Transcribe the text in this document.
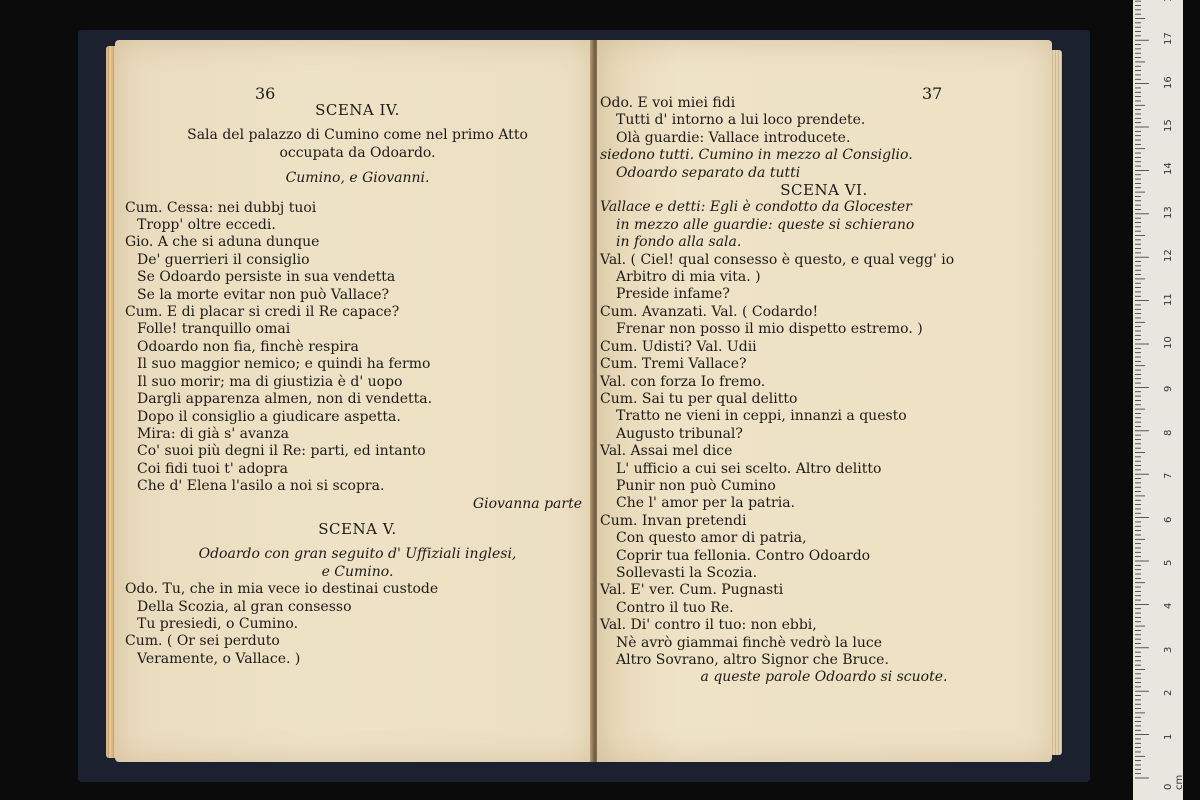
36
SCENA IV.
Sala del palazzo di Cumino come nel primo Atto
occupata da Odoardo.
Cumino, e Giovanni.
Cum. Cessa: nei dubbj tuoi
Tropp' oltre eccedi.
Gio. A che si aduna dunque
De' guerrieri il consiglio
Se Odoardo persiste in sua vendetta
Se la morte evitar non può Vallace?
Cum. E di placar si credi il Re capace?
Folle! tranquillo omai
Odoardo non fia, finchè respira
Il suo maggior nemico; e quindi ha fermo
Il suo morir; ma di giustizia è d' uopo
Dargli apparenza almen, non di vendetta.
Dopo il consiglio a giudicare aspetta.
Mira: di già s' avanza
Co' suoi più degni il Re: parti, ed intanto
Coi fidi tuoi t' adopra
Che d' Elena l'asilo a noi si scopra.
Giovanna parte
SCENA V.
Odoardo con gran seguito d' Uffiziali inglesi,
e Cumino.
Odo. Tu, che in mia vece io destinai custode
Della Scozia, al gran consesso
Tu presiedi, o Cumino.
Cum. ( Or sei perduto
Veramente, o Vallace. )
37
Odo. E voi miei fidi
Tutti d' intorno a lui loco prendete.
Olà guardie: Vallace introducete.
siedono tutti. Cumino in mezzo al Consiglio.
Odoardo separato da tutti
SCENA VI.
Vallace e detti: Egli è condotto da Glocester
in mezzo alle guardie: queste si schierano
in fondo alla sala.
Val. ( Ciel! qual consesso è questo, e qual vegg' io
Arbitro di mia vita. )
Preside infame?
Cum. Avanzati. Val. ( Codardo!
Frenar non posso il mio dispetto estremo. )
Cum. Udisti? Val. Udii
Cum. Tremi Vallace?
Val. con forza Io fremo.
Cum. Sai tu per qual delitto
Tratto ne vieni in ceppi, innanzi a questo
Augusto tribunal?
Val. Assai mel dice
L' ufficio a cui sei scelto. Altro delitto
Punir non può Cumino
Che l' amor per la patria.
Cum. Invan pretendi
Con questo amor di patria,
Coprir tua fellonia. Contro Odoardo
Sollevasti la Scozia.
Val. E' ver. Cum. Pugnasti
Contro il tuo Re.
Val. Di' contro il tuo: non ebbi,
Nè avrò giammai finchè vedrò la luce
Altro Sovrano, altro Signor che Bruce.
a queste parole Odoardo si scuote.
0 cm
1
2
3
4
5
6
7
8
9
10
11
12
13
14
15
16
17
